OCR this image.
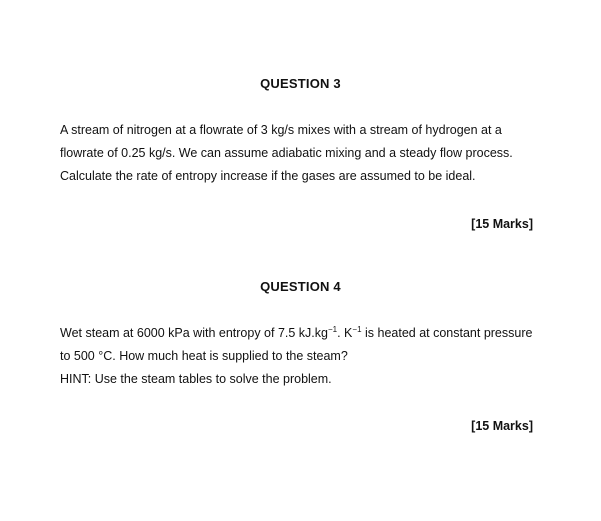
QUESTION 3

A stream of nitrogen at a flowrate of 3 kg/s mixes with a stream of hydrogen at a
flowrate of 0.25 kg/s. We can assume adiabatic mixing and a steady flow process.
Calculate the rate of entropy increase if the gases are assumed to be ideal.

[15 Marks]

QUESTION 4

Wet steam at 6000 kPa with entropy of 7.5 $kJ.kg^{-1}$. $K^{-1}$ is heated at constant pressure
to 500 °C. How much heat is supplied to the steam?
HINT: Use the steam tables to solve the problem.

[15 Marks]
